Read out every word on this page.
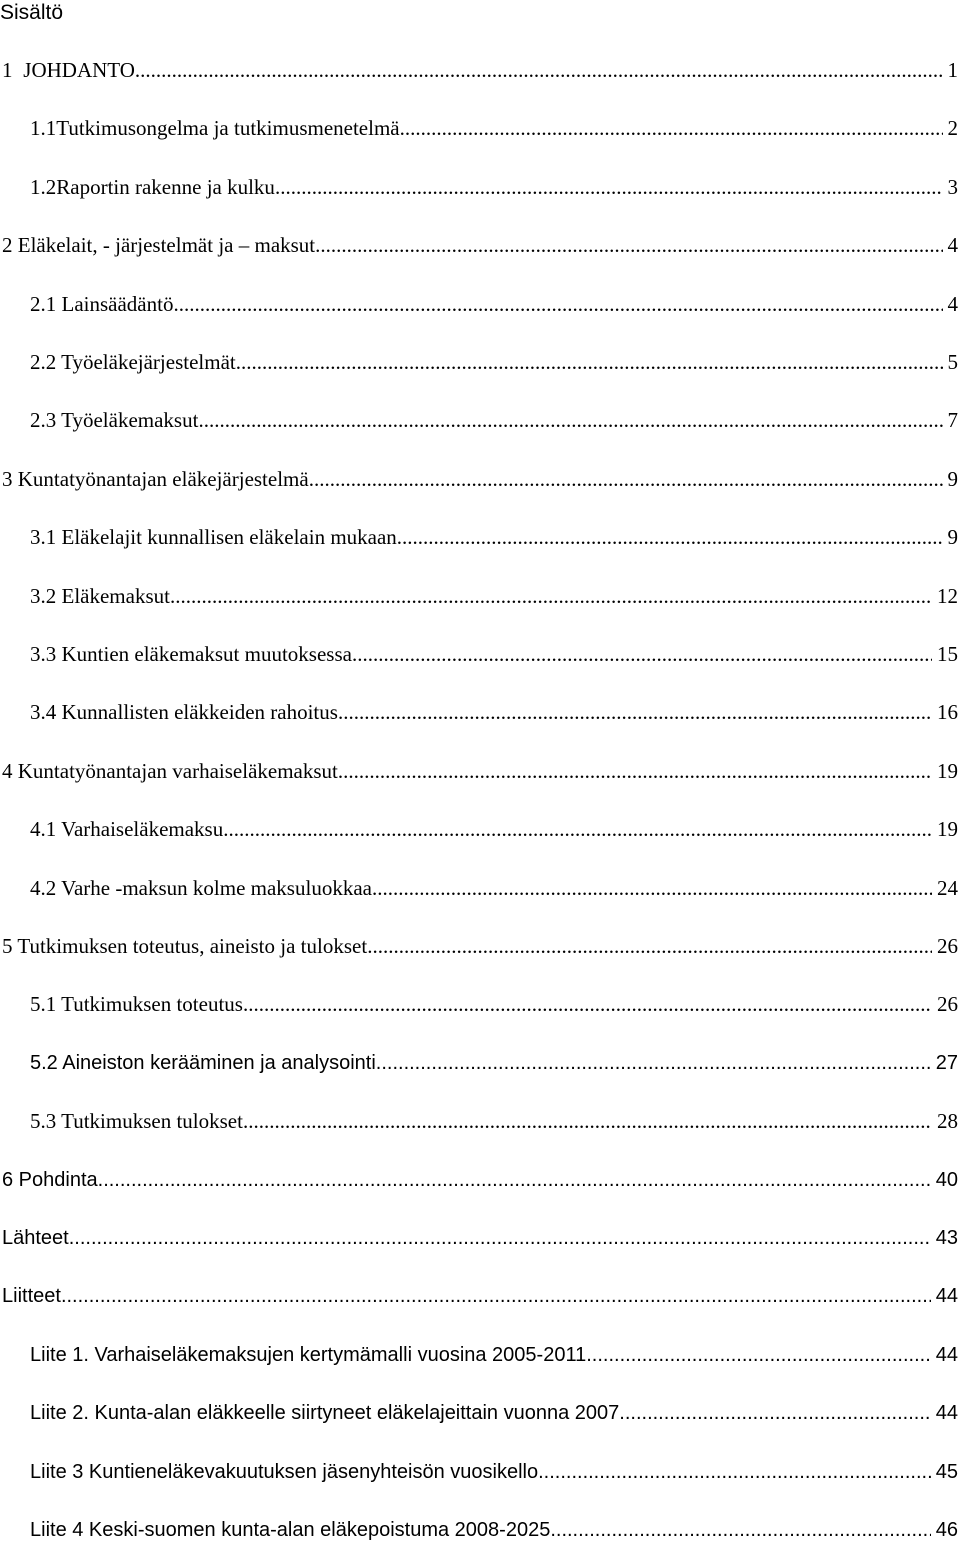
Sisältö
1 JOHDANTO .....	1
1.1 Tutkimusongelma ja tutkimusmenetelmä .....	2
1.2 Raportin rakenne ja kulku .....	3
2 Eläkelait, - järjestelmät ja – maksut .....	4
2.1 Lainsäädäntö .....	4
2.2 Työeläkejärjestelmät .....	5
2.3 Työeläkemaksut .....	7
3 Kuntatyönantajan eläkejärjestelmä .....	9
3.1 Eläkelajit kunnallisen eläkelain mukaan .....	9
3.2 Eläkemaksut .....	12
3.3 Kuntien eläkemaksut muutoksessa .....	15
3.4 Kunnallisten eläkkeiden rahoitus .....	16
4 Kuntatyönantajan varhaiseläkemaksut .....	19
4.1 Varhaiseläkemaksu .....	19
4.2 Varhe -maksun kolme maksuluokkaa .....	24
5 Tutkimuksen toteutus, aineisto ja tulokset .....	26
5.1 Tutkimuksen toteutus .....	26
5.2 Aineiston kerääminen ja analysointi .....	27
5.3 Tutkimuksen tulokset .....	28
6 Pohdinta .....	40
Lähteet .....	43
Liitteet .....	44
Liite 1. Varhaiseläkemaksujen kertymämalli vuosina 2005-2011 .....	44
Liite 2. Kunta-alan eläkkeelle siirtyneet eläkelajeittain vuonna 2007 .....	44
Liite 3 Kuntieneläkevakuutuksen jäsenyhteisön vuosikello .....	45
Liite 4 Keski-suomen kunta-alan eläkepoistuma 2008-2025 .....	46
